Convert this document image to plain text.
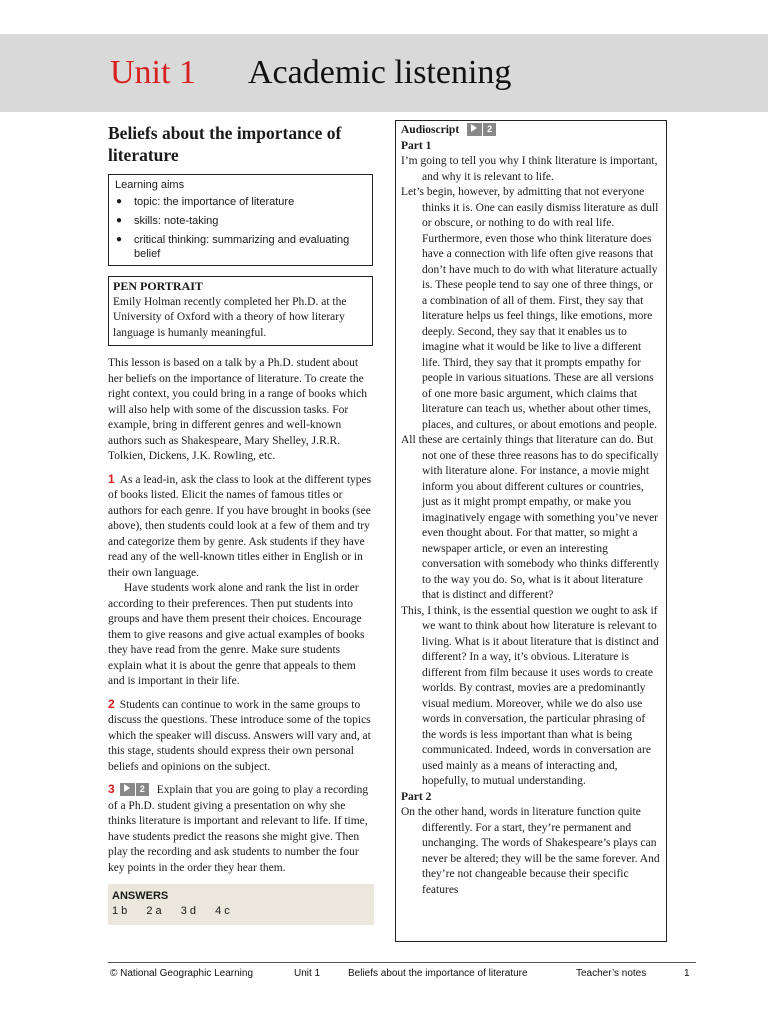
Unit 1 Academic listening
Beliefs about the importance of literature
Learning aims
● topic: the importance of literature
● skills: note-taking
● critical thinking: summarizing and evaluating belief
PEN PORTRAIT
Emily Holman recently completed her Ph.D. at the University of Oxford with a theory of how literary language is humanly meaningful.

This lesson is based on a talk by a Ph.D. student about her beliefs on the importance of literature. To create the right context, you could bring in a range of books which will also help with some of the discussion tasks. For example, bring in different genres and well-known authors such as Shakespeare, Mary Shelley, J.R.R. Tolkien, Dickens, J.K. Rowling, etc.

1 As a lead-in, ask the class to look at the different types of books listed. Elicit the names of famous titles or authors for each genre. If you have brought in books (see above), then students could look at a few of them and try and categorize them by genre. Ask students if they have read any of the well-known titles either in English or in their own language.

Have students work alone and rank the list in order according to their preferences. Then put students into groups and have them present their choices. Encourage them to give reasons and give actual examples of books they have read from the genre. Make sure students explain what it is about the genre that appeals to them and is important in their life.

2 Students can continue to work in the same groups to discuss the questions. These introduce some of the topics which the speaker will discuss. Answers will vary and, at this stage, students should express their own personal beliefs and opinions on the subject.

3	2 Explain that you are going to play a recording of a Ph.D. student giving a presentation on why she thinks literature is important and relevant to life. If time, have students predict the reasons she might give. Then play the recording and ask students to number the four key points in the order they hear them.

ANSWERS
1 b 2 a 3 d 4 c
Audioscript	2
Part 1

I’m going to tell you why I think literature is important, and why it is relevant to life.

Let’s begin, however, by admitting that not everyone thinks it is. One can easily dismiss literature as dull or obscure, or nothing to do with real life. Furthermore, even those who think literature does have a connection with life often give reasons that don’t have much to do with what literature actually is. These people tend to say one of three things, or a combination of all of them. First, they say that literature helps us feel things, like emotions, more deeply. Second, they say that it enables us to imagine what it would be like to live a different life. Third, they say that it prompts empathy for people in various situations. These are all versions of one more basic argument, which claims that literature can teach us, whether about other times, places, and cultures, or about emotions and people.

All these are certainly things that literature can do. But not one of these three reasons has to do specifically with literature alone. For instance, a movie might inform you about different cultures or countries, just as it might prompt empathy, or make you imaginatively engage with something you’ve never even thought about. For that matter, so might a newspaper article, or even an interesting conversation with somebody who thinks differently to the way you do. So, what is it about literature that is distinct and different?

This, I think, is the essential question we ought to ask if we want to think about how literature is relevant to living. What is it about literature that is distinct and different? In a way, it’s obvious. Literature is different from film because it uses words to create worlds. By contrast, movies are a predominantly visual medium. Moreover, while we do also use words in conversation, the particular phrasing of the words is less important than what is being communicated. Indeed, words in conversation are used mainly as a means of interacting and, hopefully, to mutual understanding.

Part 2

On the other hand, words in literature function quite differently. For a start, they’re permanent and unchanging. The words of Shakespeare’s plays can never be altered; they will be the same forever. And they’re not changeable because their specific features

© National Geographic Learning	Unit 1	Beliefs about the importance of literature	Teacher’s notes	1
